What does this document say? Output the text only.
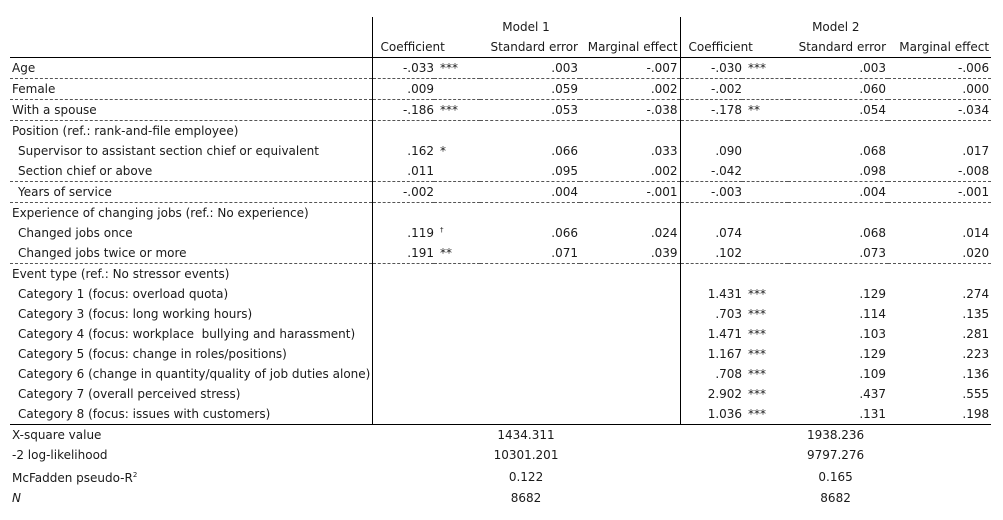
	Model 1				Model 2			
	Coefficient		Standard error	Marginal effect	Coefficient		Standard error	Marginal effect
Age	-.033	***	.003	-.007	-.030	***	.003	-.006
Female	.009		.059	.002	-.002		.060	.000
With a spouse	-.186	***	.053	-.038	-.178	**	.054	-.034
Position (ref.: rank-and-file employee)								
Supervisor to assistant section chief or equivalent	.162	*	.066	.033	.090		.068	.017
Section chief or above	.011		.095	.002	-.042		.098	-.008
Years of service	-.002		.004	-.001	-.003		.004	-.001
Experience of changing jobs (ref.: No experience)								
Changed jobs once	.119	†	.066	.024	.074		.068	.014
Changed jobs twice or more	.191	**	.071	.039	.102		.073	.020
Event type (ref.: No stressor events)								
Category 1 (focus: overload quota)					1.431	***	.129	.274
Category 3 (focus: long working hours)					.703	***	.114	.135
Category 4 (focus: workplace  bullying and harassment)					1.471	***	.103	.281
Category 5 (focus: change in roles/positions)					1.167	***	.129	.223
Category 6 (change in quantity/quality of job duties alone)					.708	***	.109	.136
Category 7 (overall perceived stress)					2.902	***	.437	.555
Category 8 (focus: issues with customers)					1.036	***	.131	.198
X-square value	1434.311				1938.236			
-2 log-likelihood	10301.201				9797.276			
McFadden pseudo-$R^2$	0.122				0.165			
N	8682				8682			
